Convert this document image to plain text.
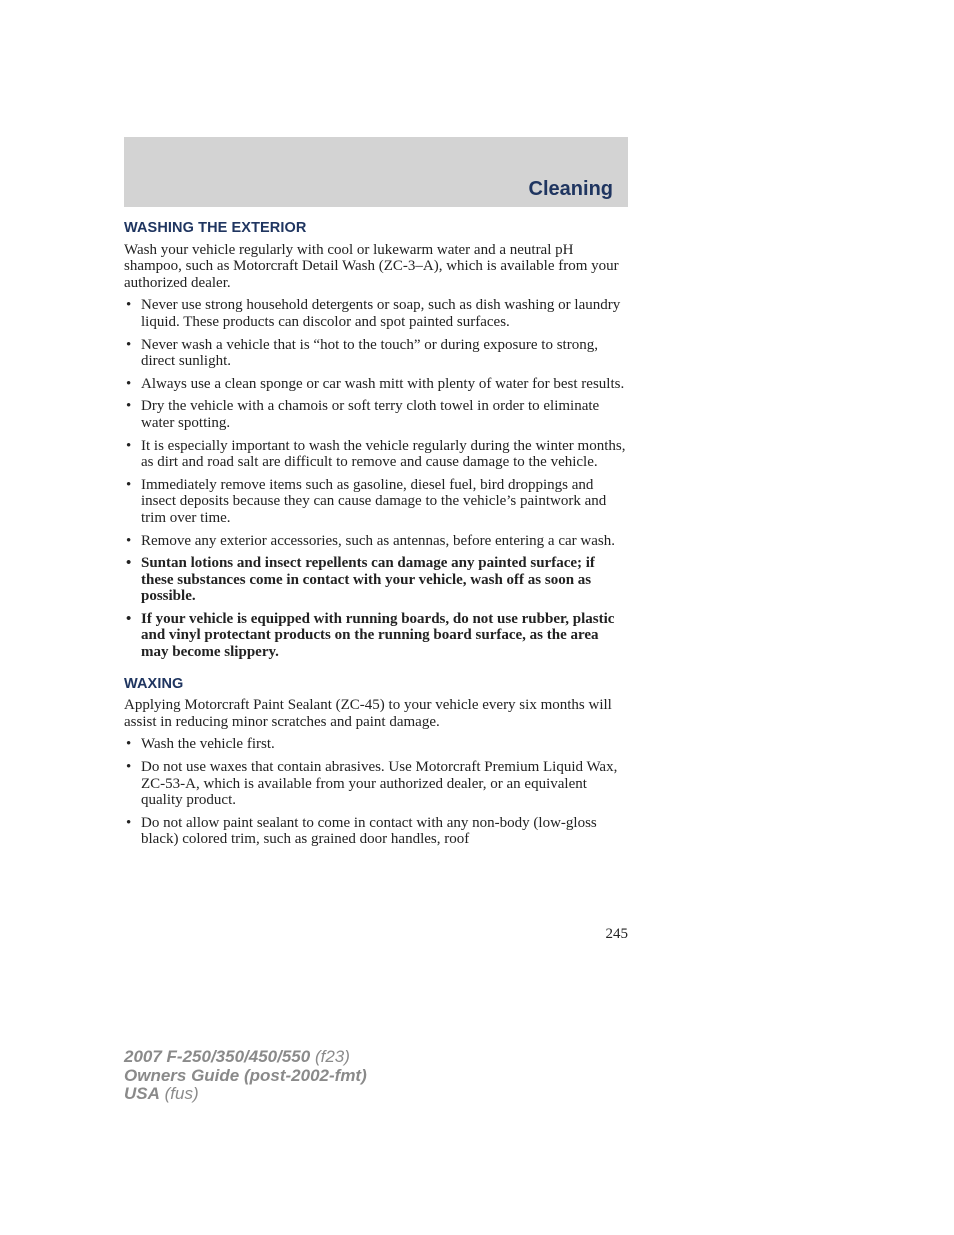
Cleaning
WASHING THE EXTERIOR

Wash your vehicle regularly with cool or lukewarm water and a neutral pH shampoo, such as Motorcraft Detail Wash (ZC-3–A), which is available from your authorized dealer.

• Never use strong household detergents or soap, such as dish washing or laundry liquid. These products can discolor and spot painted surfaces.
• Never wash a vehicle that is “hot to the touch” or during exposure to strong, direct sunlight.
• Always use a clean sponge or car wash mitt with plenty of water for best results.
• Dry the vehicle with a chamois or soft terry cloth towel in order to eliminate water spotting.
• It is especially important to wash the vehicle regularly during the winter months, as dirt and road salt are difficult to remove and cause damage to the vehicle.
• Immediately remove items such as gasoline, diesel fuel, bird droppings and insect deposits because they can cause damage to the vehicle’s paintwork and trim over time.
• Remove any exterior accessories, such as antennas, before entering a car wash.
• Suntan lotions and insect repellents can damage any painted surface; if these substances come in contact with your vehicle, wash off as soon as possible.
• If your vehicle is equipped with running boards, do not use rubber, plastic and vinyl protectant products on the running board surface, as the area may become slippery.
WAXING

Applying Motorcraft Paint Sealant (ZC-45) to your vehicle every six months will assist in reducing minor scratches and paint damage.

• Wash the vehicle first.
• Do not use waxes that contain abrasives. Use Motorcraft Premium Liquid Wax, ZC-53-A, which is available from your authorized dealer, or an equivalent quality product.
• Do not allow paint sealant to come in contact with any non-body (low-gloss black) colored trim, such as grained door handles, roof
245
2007 F-250/350/450/550 (f23)
Owners Guide (post-2002-fmt)
USA (fus)
